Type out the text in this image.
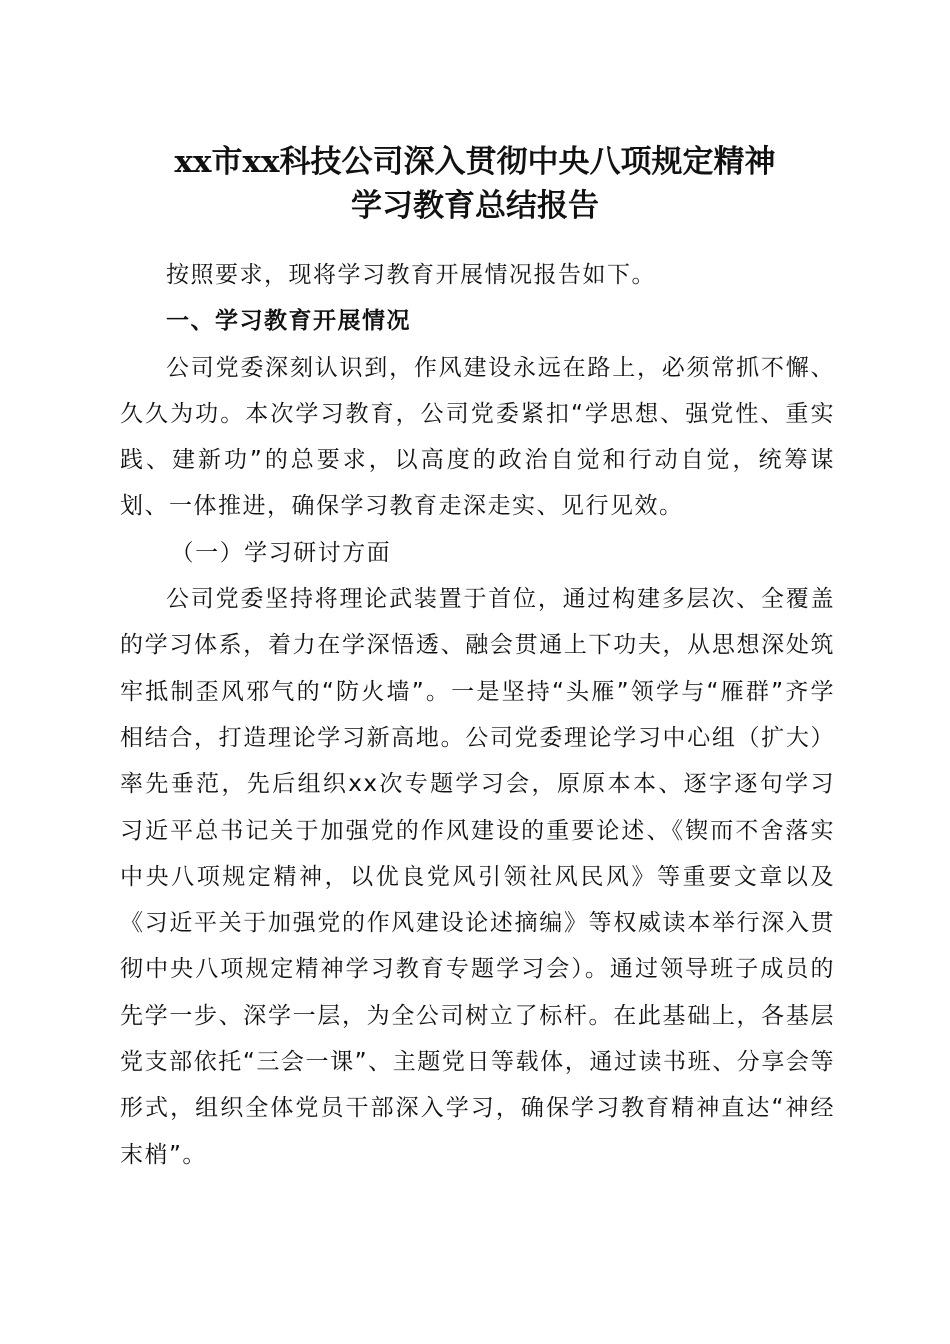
xx市xx科技公司深入贯彻中央八项规定精神
学习教育总结报告

按照要求，现将学习教育开展情况报告如下。

一、学习教育开展情况

公司党委深刻认识到，作风建设永远在路上，必须常抓不懈、久久为功。本次学习教育，公司党委紧扣“学思想、强党性、重实践、建新功”的总要求，以高度的政治自觉和行动自觉，统筹谋划、一体推进，确保学习教育走深走实、见行见效。

（一）学习研讨方面

公司党委坚持将理论武装置于首位，通过构建多层次、全覆盖的学习体系，着力在学深悟透、融会贯通上下功夫，从思想深处筑牢抵制歪风邪气的“防火墙”。一是坚持“头雁”领学与“雁群”齐学相结合，打造理论学习新高地。公司党委理论学习中心组（扩大）率先垂范，先后组织xx次专题学习会，原原本本、逐字逐句学习习近平总书记关于加强党的作风建设的重要论述、《锲而不舍落实中央八项规定精神，以优良党风引领社风民风》等重要文章以及《习近平关于加强党的作风建设论述摘编》等权威读本举行深入贯彻中央八项规定精神学习教育专题学习会）。通过领导班子成员的先学一步、深学一层，为全公司树立了标杆。在此基础上，各基层党支部依托“三会一课”、主题党日等载体，通过读书班、分享会等形式，组织全体党员干部深入学习，确保学习教育精神直达“神经末梢”。
